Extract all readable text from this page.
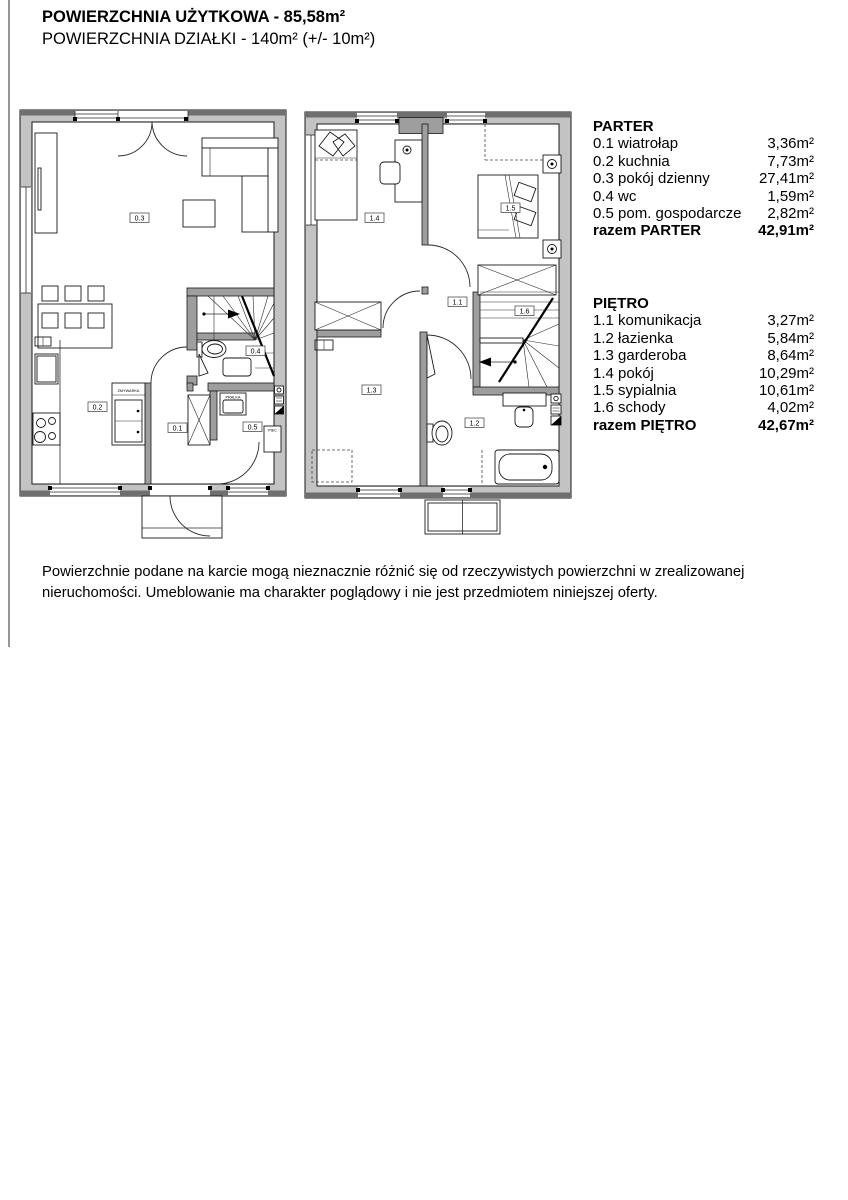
POWIERZCHNIA UŻYTKOWA - 85,58m²
POWIERZCHNIA DZIAŁKI - 140m² (+/- 10m²)
ZMYWARKA
PRALKA
PIEC
0.3
0.2
0.1
0.4
0.5
1.4
1.5
1.1
1.6
1.3
1.2
PARTER
0.1 wiatrołap	3,36m²
0.2 kuchnia	7,73m²
0.3 pokój dzienny	27,41m²
0.4 wc	1,59m²
0.5 pom. gospodarcze 2,82m²
razem PARTER	42,91m²
PIĘTRO
1.1 komunikacja	3,27m²
1.2 łazienka	5,84m²
1.3 garderoba	8,64m²
1.4 pokój	10,29m²
1.5 sypialnia	10,61m²
1.6 schody	4,02m²
razem PIĘTRO	42,67m²
Powierzchnie podane na karcie mogą nieznacznie różnić się od rzeczywistych powierzchni w zrealizowanej
nieruchomości. Umeblowanie ma charakter poglądowy i nie jest przedmiotem niniejszej oferty.
